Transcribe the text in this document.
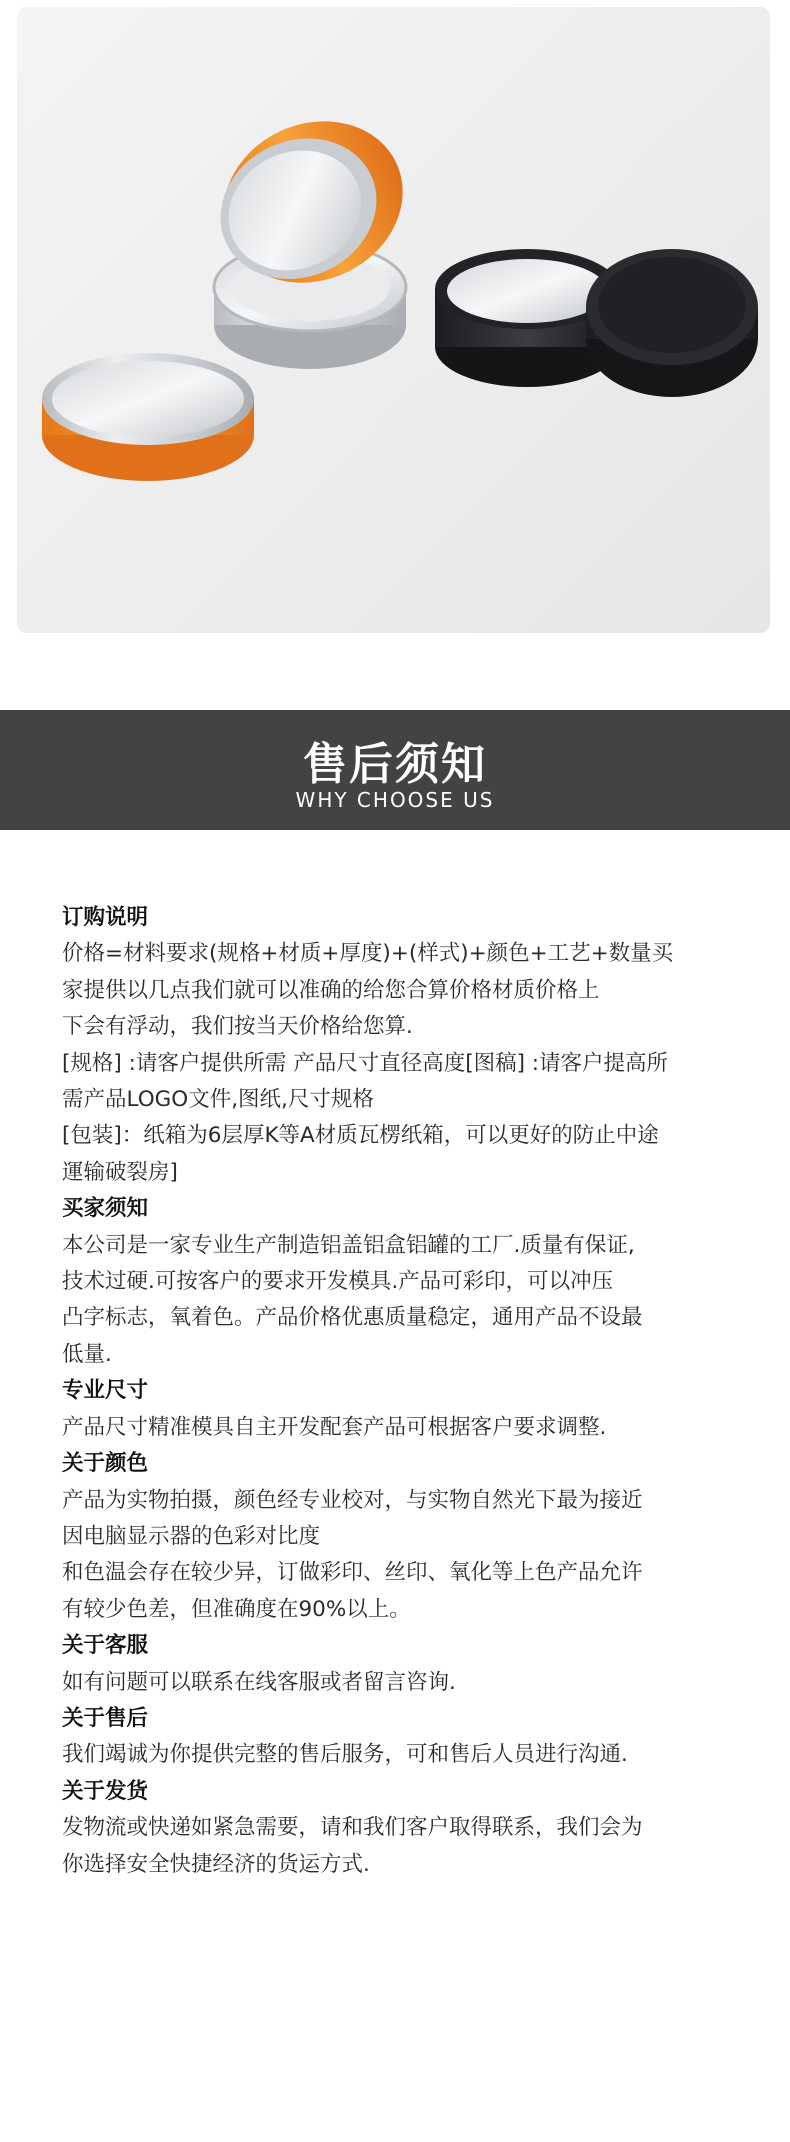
售后须知
WHY CHOOSE US
订购说明
价格=材料要求(规格+材质+厚度)+(样式)+颜色+工艺+数量买
家提供以几点我们就可以准确的给您合算价格材质价格上
下会有浮动，我们按当天价格给您算.
[规格] :请客户提供所需 产品尺寸直径高度[图稿] :请客户提高所
需产品LOGO文件,图纸,尺寸规格
[包装]：纸箱为6层厚K等A材质瓦楞纸箱，可以更好的防止中途
運输破裂房]
买家须知
本公司是一家专业生产制造铝盖铝盒铝罐的工厂.质量有保证,
技术过硬.可按客户的要求开发模具.产品可彩印，可以冲压
凸字标志，氧着色。产品价格优惠质量稳定，通用产品不设最
低量.
专业尺寸
产品尺寸精准模具自主开发配套产品可根据客户要求调整.
关于颜色
产品为实物拍摄，颜色经专业校对，与实物自然光下最为接近
因电脑显示器的色彩对比度
和色温会存在较少异，订做彩印、丝印、氧化等上色产品允许
有较少色差，但准确度在90%以上。
关于客服
如有问题可以联系在线客服或者留言咨询.
关于售后
我们竭诚为你提供完整的售后服务，可和售后人员进行沟通.
关于发货
发物流或快递如紧急需要，请和我们客户取得联系，我们会为
你选择安全快捷经济的货运方式.
